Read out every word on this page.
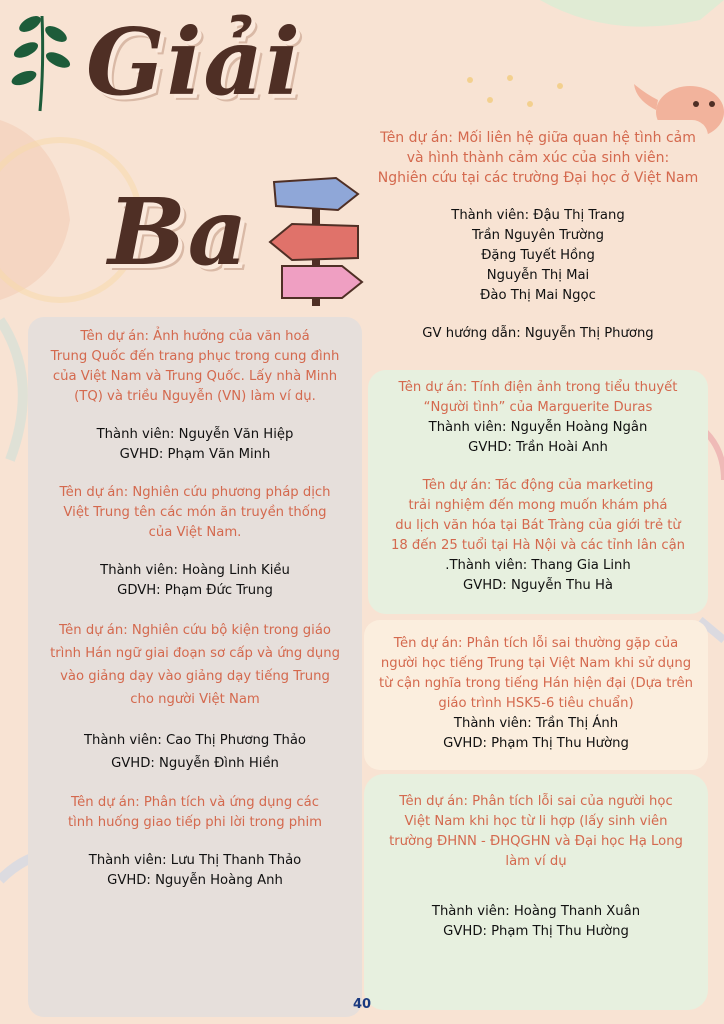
Giải
Ba
Tên dự án: Ảnh hưởng của văn hoá
Trung Quốc đến trang phục trong cung đình
của Việt Nam và Trung Quốc. Lấy nhà Minh
(TQ) và triều Nguyễn (VN) làm ví dụ.
Thành viên: Nguyễn Văn Hiệp
GVHD: Phạm Văn Minh
Tên dự án: Nghiên cứu phương pháp dịch
Việt Trung tên các món ăn truyền thống
của Việt Nam.
Thành viên: Hoàng Linh Kiều
GDVH: Phạm Đức Trung
Tên dự án: Nghiên cứu bộ kiện trong giáo
trình Hán ngữ giai đoạn sơ cấp và ứng dụng
vào giảng dạy vào giảng dạy tiếng Trung
cho người Việt Nam
Thành viên: Cao Thị Phương Thảo
GVHD: Nguyễn Đình Hiền
Tên dự án: Phân tích và ứng dụng các
tình huống giao tiếp phi lời trong phim
Thành viên: Lưu Thị Thanh Thảo
GVHD: Nguyễn Hoàng Anh
Tên dự án: Mối liên hệ giữa quan hệ tình cảm
và hình thành cảm xúc của sinh viên:
Nghiên cứu tại các trường Đại học ở Việt Nam
Thành viên: Đậu Thị Trang
Trần Nguyên Trường
Đặng Tuyết Hồng
Nguyễn Thị Mai
Đào Thị Mai Ngọc
GV hướng dẫn: Nguyễn Thị Phương
Tên dự án: Tính điện ảnh trong tiểu thuyết
“Người tình” của Marguerite Duras
Thành viên: Nguyễn Hoàng Ngân
GVHD: Trần Hoài Anh
Tên dự án: Tác động của marketing
trải nghiệm đến mong muốn khám phá
du lịch văn hóa tại Bát Tràng của giới trẻ từ
18 đến 25 tuổi tại Hà Nội và các tỉnh lân cận
.Thành viên: Thang Gia Linh
GVHD: Nguyễn Thu Hà
Tên dự án: Phân tích lỗi sai thường gặp của
người học tiếng Trung tại Việt Nam khi sử dụng
từ cận nghĩa trong tiếng Hán hiện đại (Dựa trên
giáo trình HSK5-6 tiêu chuẩn)
Thành viên: Trần Thị Ánh
GVHD: Phạm Thị Thu Hường
Tên dự án: Phân tích lỗi sai của người học
Việt Nam khi học từ li hợp (lấy sinh viên
trường ĐHNN - ĐHQGHN và Đại học Hạ Long
làm ví dụ
Thành viên: Hoàng Thanh Xuân
GVHD: Phạm Thị Thu Hường
40
